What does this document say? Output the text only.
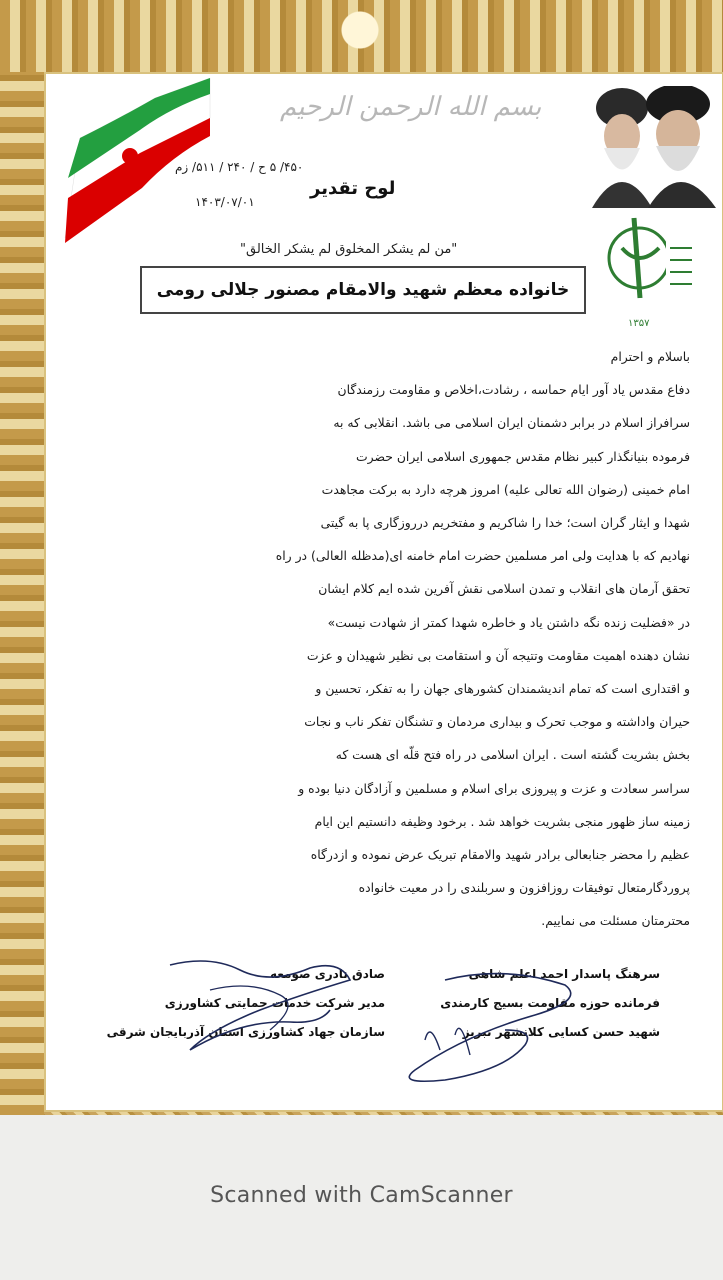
۱۳۵۷
بسم الله الرحمن الرحیم
۴۵۰/ ۵ ح / ۲۴۰ / ۵۱۱/ زم
۱۴۰۳/۰۷/۰۱
لوح تقدیر
"من لم یشکر المخلوق لم یشکر الخالق"
خانواده معظم شهید والامقام مصنور جلالی رومی
باسلام و احترام
دفاع مقدس یاد آور ایام حماسه ، رشادت،اخلاص و مقاومت رزمندگان
سرافراز اسلام در برابر دشمنان ایران اسلامی می باشد. انقلابی که به
فرموده بنیانگذار کبیر نظام مقدس جمهوری اسلامی ایران حضرت
امام خمینی (رضوان الله تعالی علیه) امروز هرچه دارد به برکت مجاهدت
شهدا و ایثار گران است؛ خدا را شاکریم و مفتخریم درروزگاری پا به گیتی
نهادیم که با هدایت ولی امر مسلمین حضرت امام خامنه ای(مدظله العالی) در راه
تحقق آرمان های انقلاب و تمدن اسلامی نقش آفرین شده ایم کلام ایشان
در «فضلیت زنده نگه داشتن یاد و خاطره شهدا کمتر از شهادت نیست»
نشان دهنده اهمیت مقاومت وتتیجه آن و استقامت بی نظیر شهیدان و عزت
و اقتداری است که تمام اندیشمندان کشورهای جهان را به تفکر، تحسین و
حیران واداشته و موجب تحرک و بیداری مردمان و تشنگان تفکر ناب و نجات
بخش بشریت گشته است . ایران اسلامی در راه فتح قلّه ای هست که
سراسر سعادت و عزت و پیروزی برای اسلام و مسلمین و آزادگان دنیا بوده و
زمینه ساز ظهور منجی بشریت خواهد شد . برخود وظیفه دانستیم این ایام
عظیم را محضر جنابعالی برادر شهید والامقام تبریک عرض نموده و ازدرگاه
پروردگارمتعال توفیقات روزافزون و سربلندی را در معیت خانواده
محترمتان مسئلت می نماییم.
صادق نادری صومعه
مدیر شرکت خدمات حمایتی کشاورزی
سازمان جهاد کشاورزی استان آذربایجان شرقی
سرهنگ پاسدار احمد اعلم شاهی
فرمانده حوزه مقاومت بسیج کارمندی
شهید حسن کسایی کلانشهر تبریز
Scanned with CamScanner
